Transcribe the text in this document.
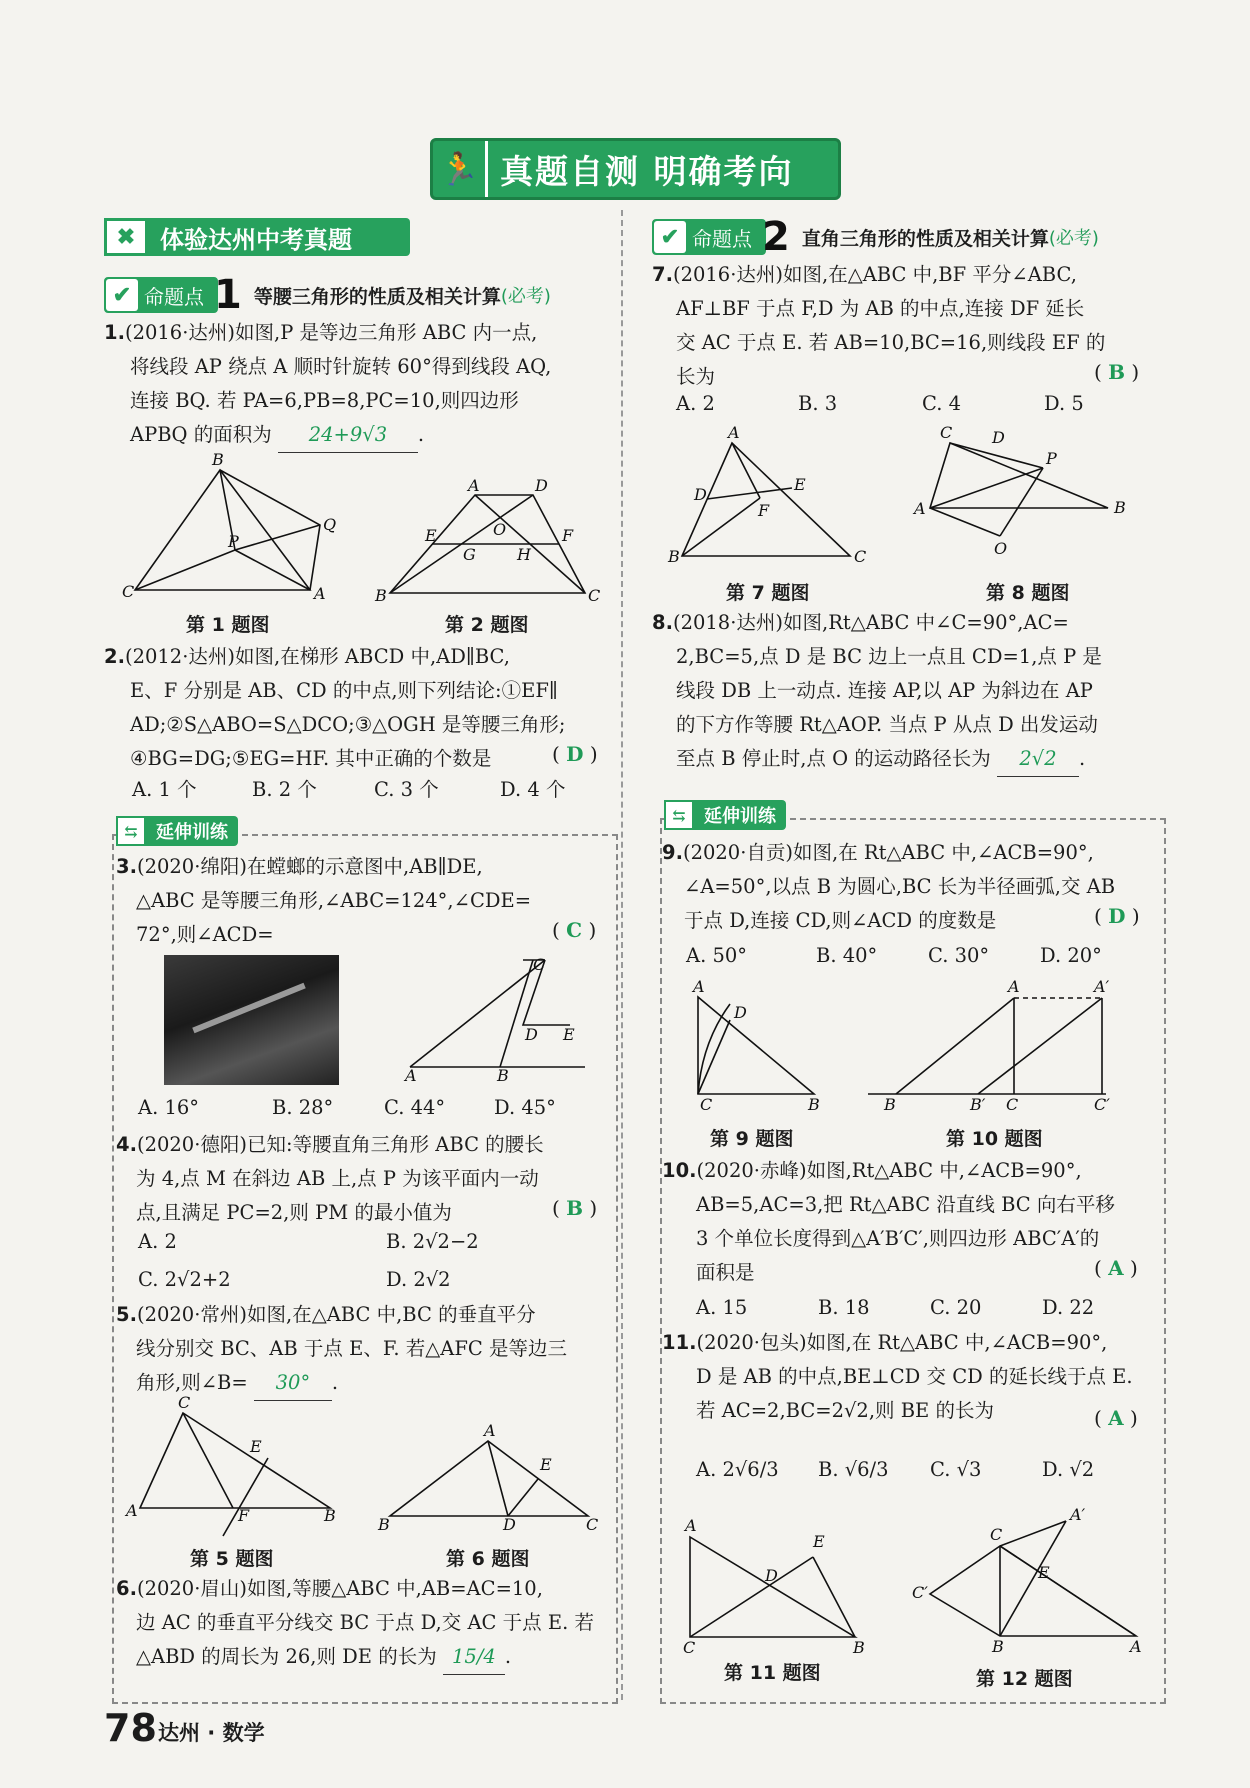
🏃 真题自测 明确考向
✖	体验达州中考真题
✔ 命题点 1 等腰三角形的性质及相关计算 (必考)
1.(2016·达州)如图,P 是等边三角形 ABC 内一点,
将线段 AP 绕点 A 顺时针旋转 60°得到线段 AQ,
连接 BQ. 若 PA=6,PB=8,PC=10,则四边形
APBQ 的面积为 24+9√3 .
B
C	A
P
Q
第 1 题图
A	D
B	C
E	F
O
G	H
第 2 题图
2.(2012·达州)如图,在梯形 ABCD 中,AD∥BC,
E、F 分别是 AB、CD 的中点,则下列结论:①EF∥
AD;②S△ABO=S△DCO;③△OGH 是等腰三角形;
④BG=DG;⑤EG=HF. 其中正确的个数是	( D )
A. 1 个	B. 2 个	C. 3 个	D. 4 个
⇆	延伸训练
3.(2020·绵阳)在螳螂的示意图中,AB∥DE,
△ABC 是等腰三角形,∠ABC=124°,∠CDE=
72°,则∠ACD=	( C )
A	B
C
D E
A. 16°	B. 28°	C. 44°	D. 45°
4.(2020·德阳)已知:等腰直角三角形 ABC 的腰长
为 4,点 M 在斜边 AB 上,点 P 为该平面内一动
点,且满足 PC=2,则 PM 的最小值为	( B )
A. 2	B. 2√2−2
C. 2√2+2	D. 2√2
5.(2020·常州)如图,在△ABC 中,BC 的垂直平分
线分别交 BC、AB 于点 E、F. 若△AFC 是等边三
角形,则∠B= 30° .
C
A	B
F
E
第 5 题图
A
B	C
D
E
第 6 题图
6.(2020·眉山)如图,等腰△ABC 中,AB=AC=10,
边 AC 的垂直平分线交 BC 于点 D,交 AC 于点 E. 若
△ABD 的周长为 26,则 DE 的长为 15/4 .
✔ 命题点 2 直角三角形的性质及相关计算 (必考)
7.(2016·达州)如图,在△ABC 中,BF 平分∠ABC,
AF⊥BF 于点 F,D 为 AB 的中点,连接 DF 延长
交 AC 于点 E. 若 AB=10,BC=16,则线段 EF 的
长为	( B )
A. 2	B. 3	C. 4	D. 5
A
B	C
D
E
F
第 7 题图
C D
P
B
A
O
第 8 题图
8.(2018·达州)如图,Rt△ABC 中∠C=90°,AC=
2,BC=5,点 D 是 BC 边上一点且 CD=1,点 P 是
线段 DB 上一动点. 连接 AP,以 AP 为斜边在 AP
的下方作等腰 Rt△AOP. 当点 P 从点 D 出发运动
至点 B 停止时,点 O 的运动路径长为 2√2 .
⇆	延伸训练
9.(2020·自贡)如图,在 Rt△ABC 中,∠ACB=90°,
∠A=50°,以点 B 为圆心,BC 长为半径画弧,交 AB
于点 D,连接 CD,则∠ACD 的度数是	( D )
A. 50°	B. 40°	C. 30°	D. 20°
A
D
C	B
第 9 题图
A	A′
B	B′ C	C′
第 10 题图
10.(2020·赤峰)如图,Rt△ABC 中,∠ACB=90°,
AB=5,AC=3,把 Rt△ABC 沿直线 BC 向右平移
3 个单位长度得到△A′B′C′,则四边形 ABC′A′的
面积是	( A )
A. 15	B. 18	C. 20	D. 22
11.(2020·包头)如图,在 Rt△ABC 中,∠ACB=90°,
D 是 AB 的中点,BE⊥CD 交 CD 的延长线于点 E.
若 AC=2,BC=2√2,则 BE 的长为	( A )
A. 2√6/3	B. √6/3	C. √3	D. √2
A
E
D
C	B
第 11 题图
C
C′
A′
E
B	A
第 12 题图
78 达州 · 数学
